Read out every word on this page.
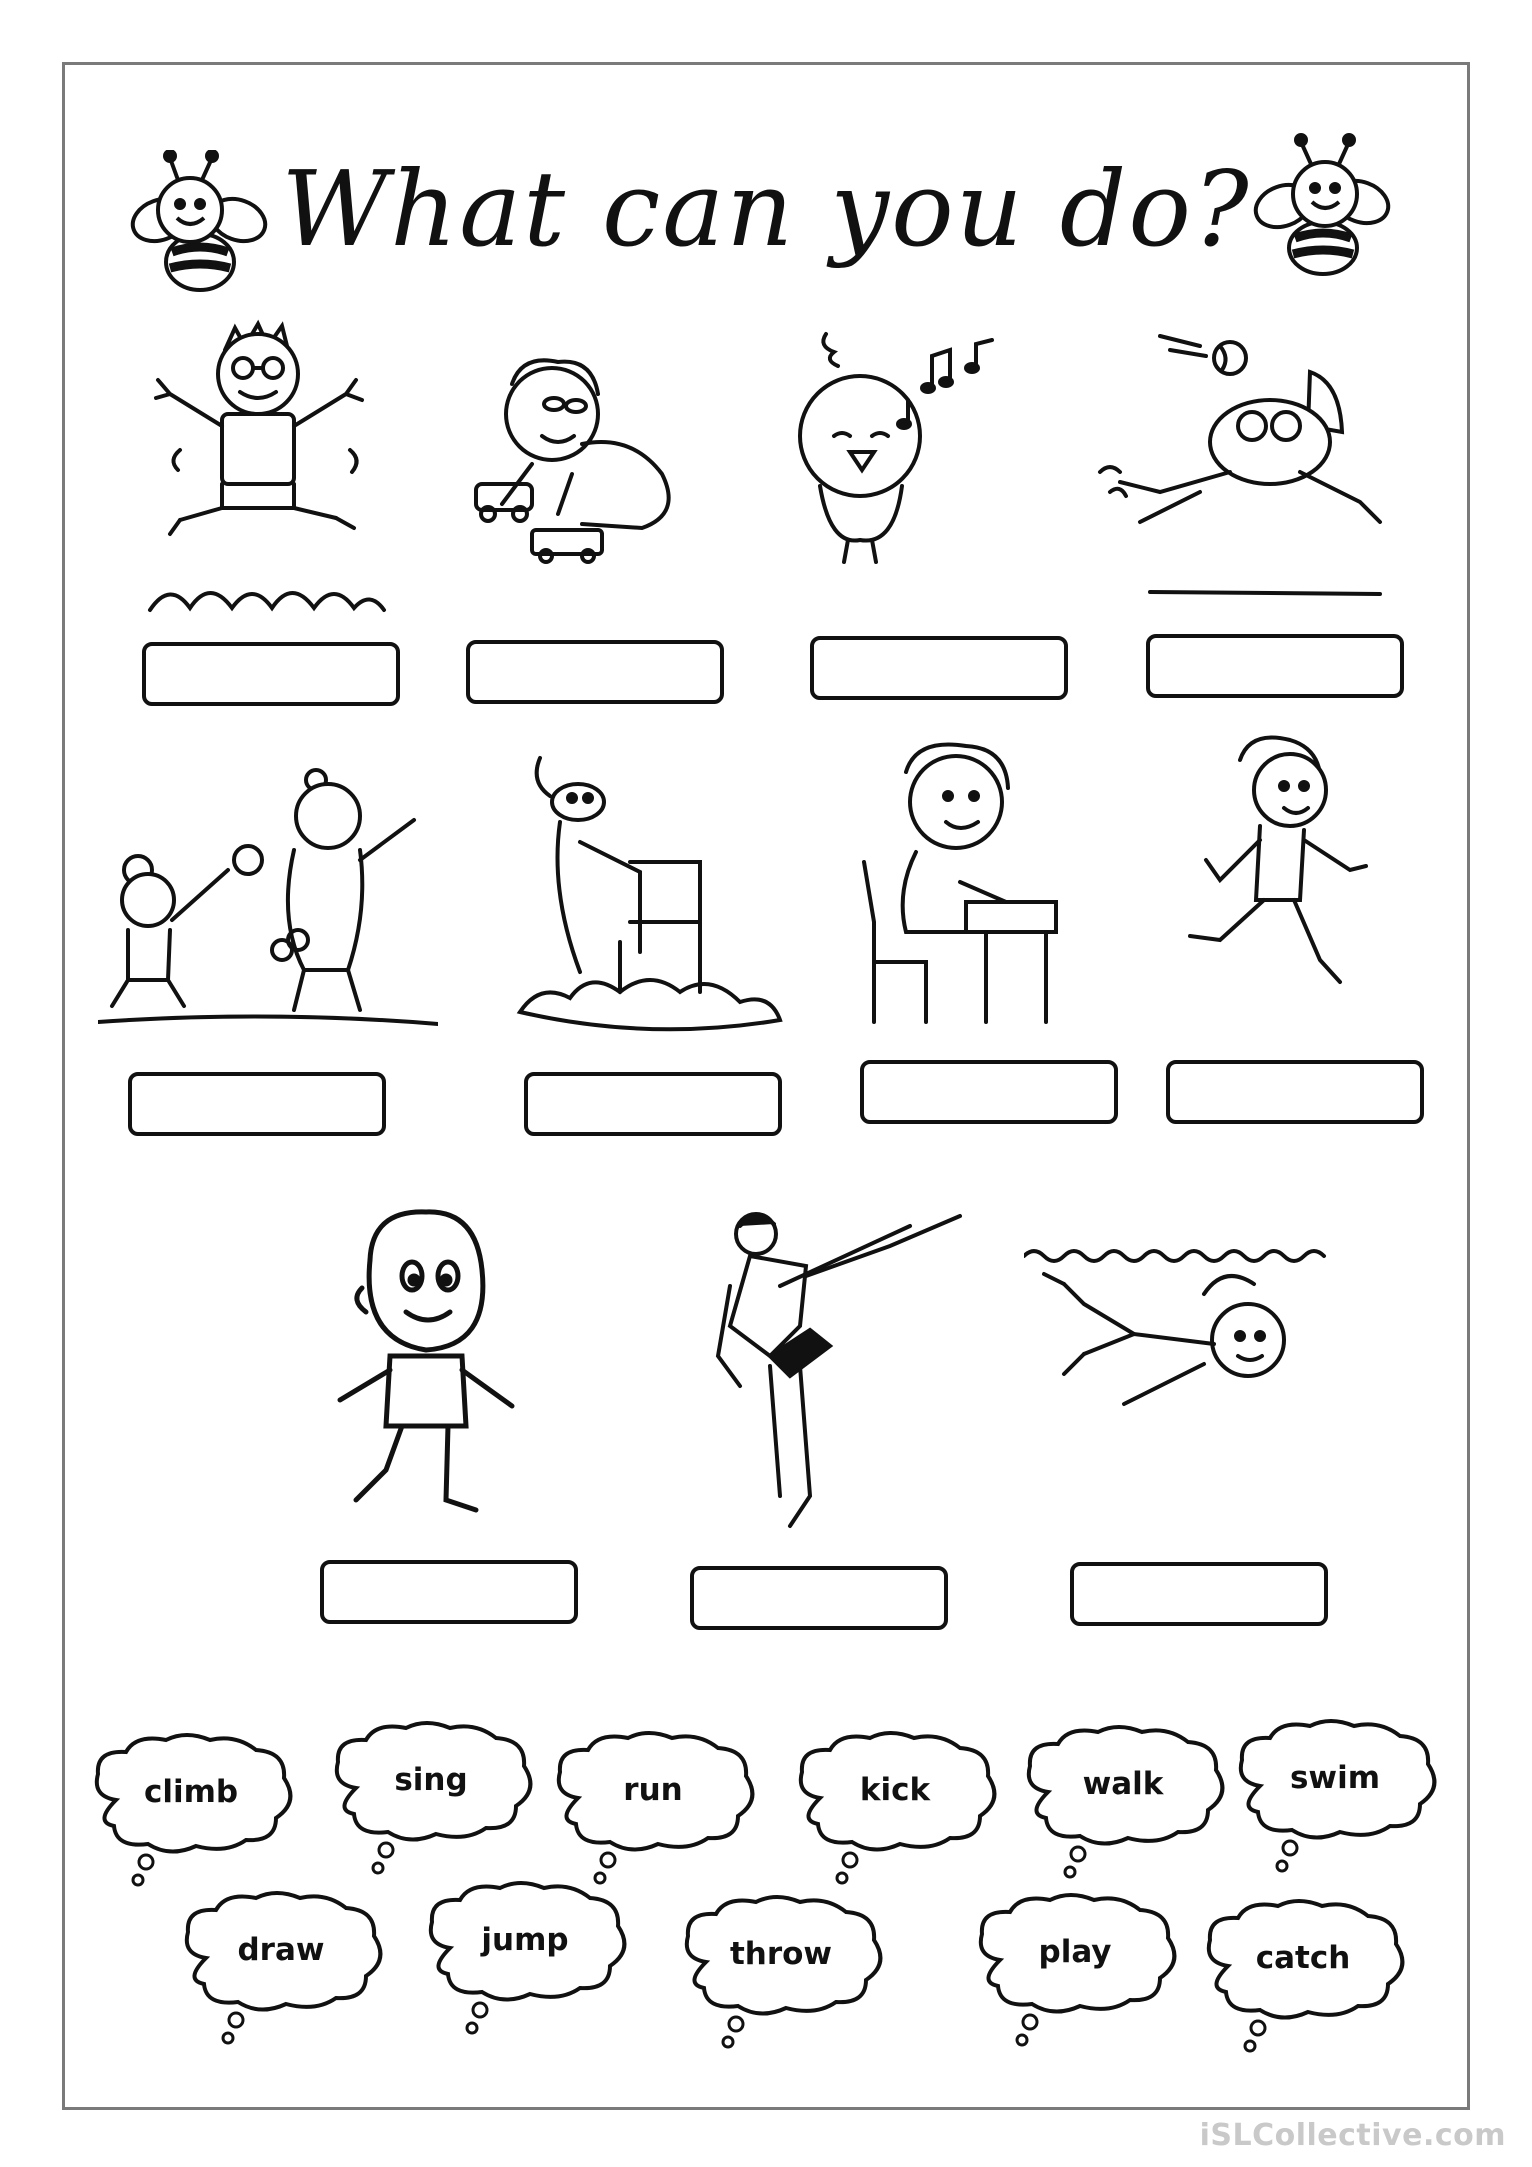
What can you do?
climb	sing	run	kick	walk	swim
draw	jump	throw	play	catch
iSLCollective.com
